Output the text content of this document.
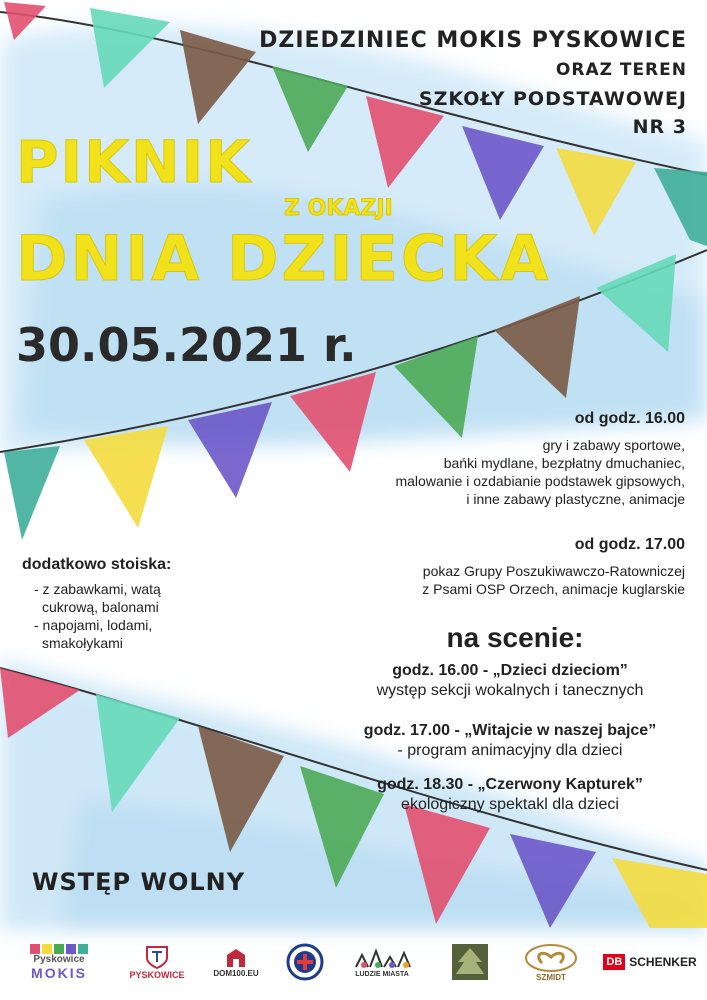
DZIEDZINIEC MOKIS PYSKOWICE
ORAZ TEREN
SZKOŁY PODSTAWOWEJ
NR 3
PIKNIK
Z OKAZJI
DNIA DZIECKA
30.05.2021 r.
od godz. 16.00
gry i zabawy sportowe,
bańki mydlane, bezpłatny dmuchaniec,
malowanie i ozdabianie podstawek gipsowych,
i inne zabawy plastyczne, animacje
od godz. 17.00
pokaz Grupy Poszukiwawczo-Ratowniczej
z Psami OSP Orzech, animacje kuglarskie
dodatkowo stoiska:
- z zabawkami, watą
cukrową, balonami
- napojami, lodami,
smakołykami	na scenie:
godz. 16.00 - „Dzieci dzieciom”
występ sekcji wokalnych i tanecznych
godz. 17.00 - „Witajcie w naszej bajce”
- program animacyjny dla dzieci
godz. 18.30 - „Czerwony Kapturek”
ekologiczny spektakl dla dzieci
WSTĘP WOLNY
Pyskowice
MOKIS	PYSKOWICE	DOM100.EU	LUDZIE MIASTA	SZMIDT
DB SCHENKER
